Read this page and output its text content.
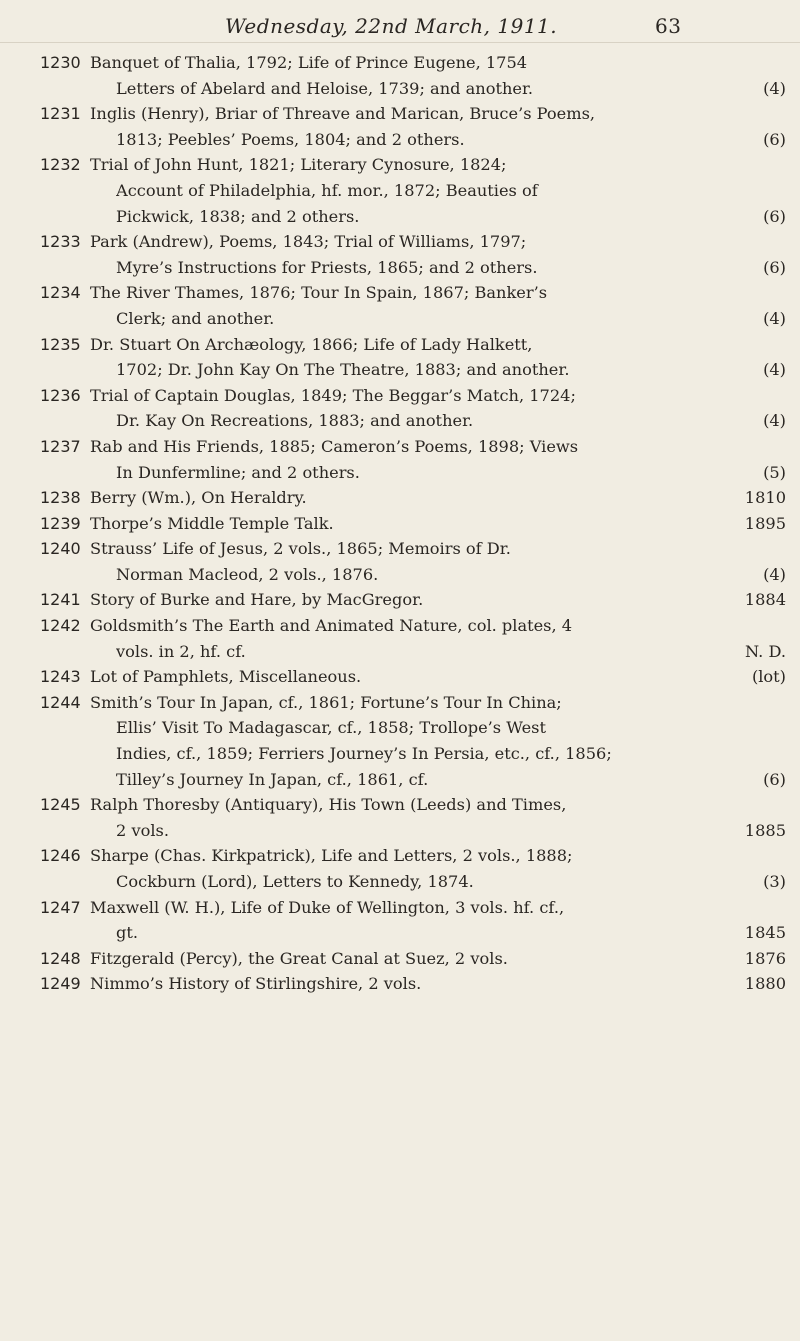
Wednesday, 22nd March, 1911.	63
1230 Banquet of Thalia, 1792; Life of Prince Eugene, 1754
Letters of Abelard and Heloise, 1739; and another.	(4)
1231 Inglis (Henry), Briar of Threave and Marican, Bruce’s Poems,
1813; Peebles’ Poems, 1804; and 2 others.	(6)
1232 Trial of John Hunt, 1821; Literary Cynosure, 1824;
Account of Philadelphia, hf. mor., 1872; Beauties of
Pickwick, 1838; and 2 others.	(6)
1233 Park (Andrew), Poems, 1843; Trial of Williams, 1797;
Myre’s Instructions for Priests, 1865; and 2 others.	(6)
1234 The River Thames, 1876; Tour In Spain, 1867; Banker’s
Clerk; and another.	(4)
1235 Dr. Stuart On Archæology, 1866; Life of Lady Halkett,
1702; Dr. John Kay On The Theatre, 1883; and another.	(4)
1236 Trial of Captain Douglas, 1849; The Beggar’s Match, 1724;
Dr. Kay On Recreations, 1883; and another.	(4)
1237 Rab and His Friends, 1885; Cameron’s Poems, 1898; Views
In Dunfermline; and 2 others.	(5)
1238 Berry (Wm.), On Heraldry.	1810
1239 Thorpe’s Middle Temple Talk.	1895
1240 Strauss’ Life of Jesus, 2 vols., 1865; Memoirs of Dr.
Norman Macleod, 2 vols., 1876.	(4)
1241 Story of Burke and Hare, by MacGregor.	1884
1242 Goldsmith’s The Earth and Animated Nature, col. plates, 4
vols. in 2, hf. cf.	N. D.
1243 Lot of Pamphlets, Miscellaneous.	(lot)
1244 Smith’s Tour In Japan, cf., 1861; Fortune’s Tour In China;
Ellis’ Visit To Madagascar, cf., 1858; Trollope’s West
Indies, cf., 1859; Ferriers Journey’s In Persia, etc., cf., 1856;
Tilley’s Journey In Japan, cf., 1861, cf.	(6)
1245 Ralph Thoresby (Antiquary), His Town (Leeds) and Times,
2 vols.	1885
1246 Sharpe (Chas. Kirkpatrick), Life and Letters, 2 vols., 1888;
Cockburn (Lord), Letters to Kennedy, 1874.	(3)
1247 Maxwell (W. H.), Life of Duke of Wellington, 3 vols. hf. cf.,
gt.	1845
1248 Fitzgerald (Percy), the Great Canal at Suez, 2 vols.	1876
1249 Nimmo’s History of Stirlingshire, 2 vols.	1880
